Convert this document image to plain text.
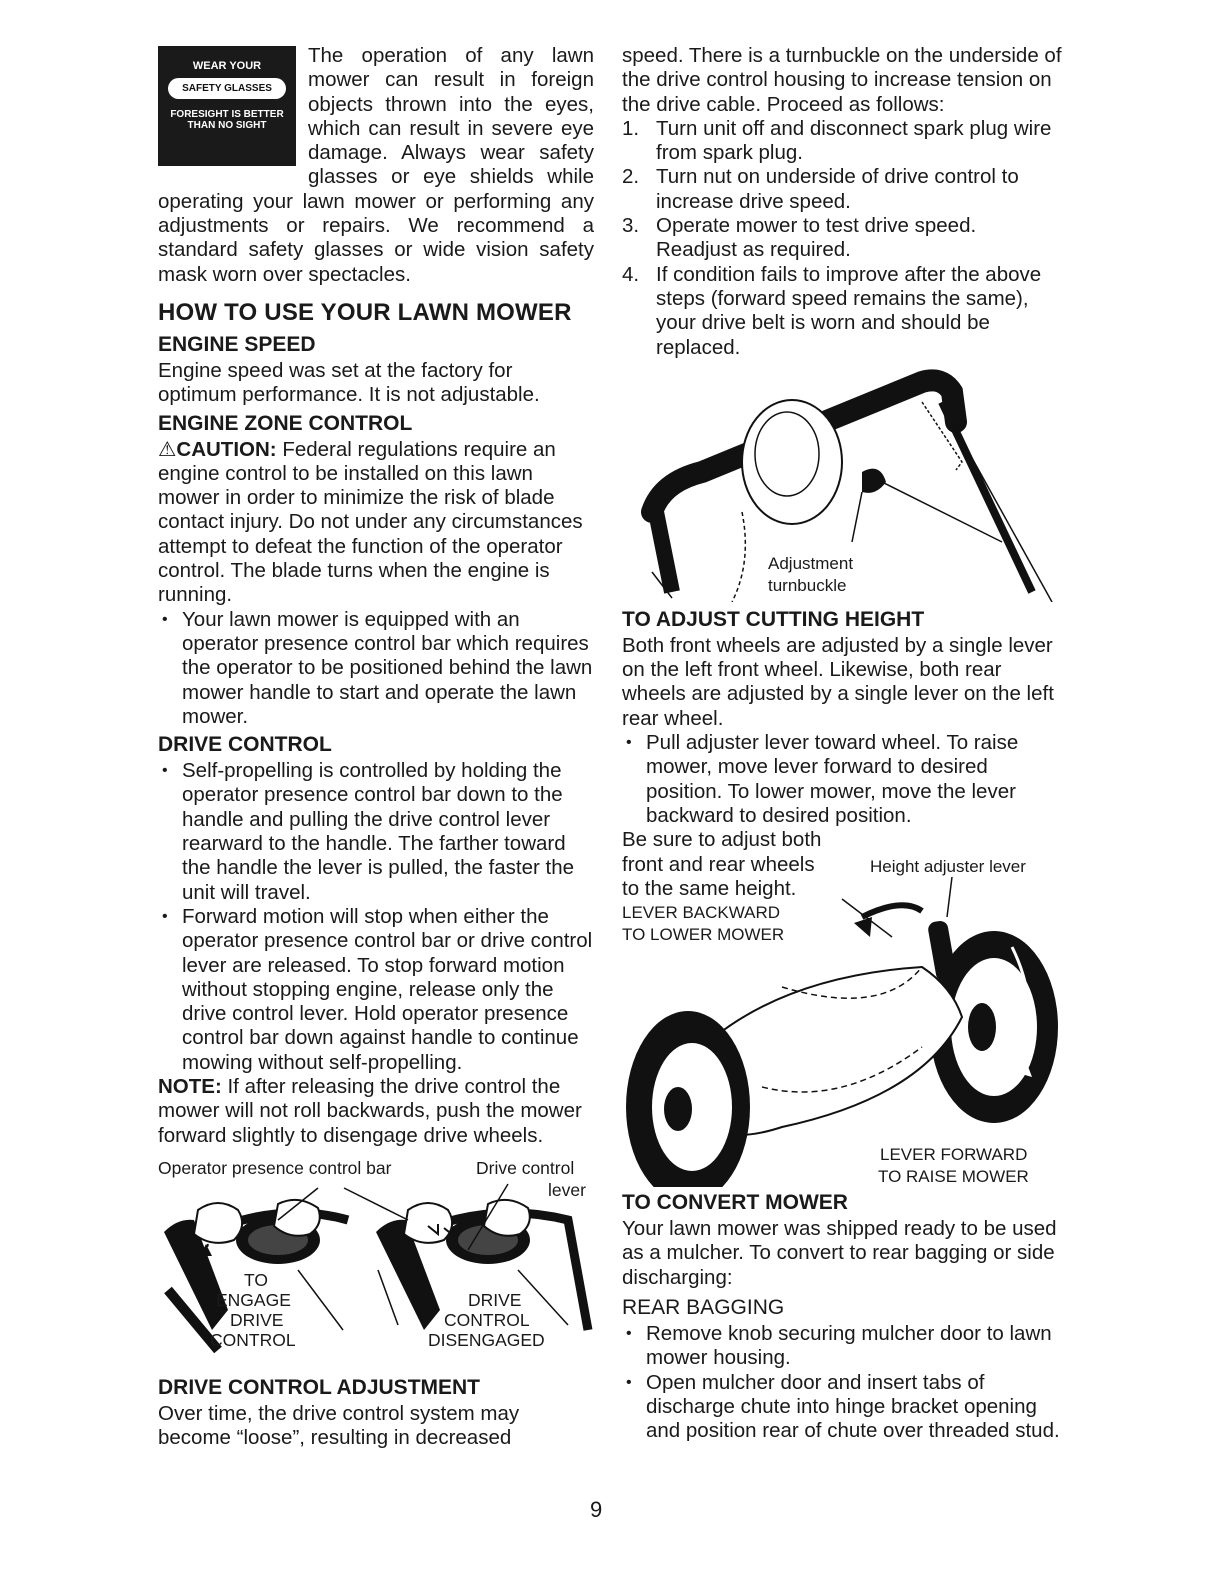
WEAR YOUR
SAFETY GLASSES
FORESIGHT IS BETTER THAN NO SIGHT

The operation of any lawn mower can result in foreign objects thrown into the eyes, which can result in severe eye damage. Always wear safety glasses or eye shields while operating your lawn mower or performing any adjustments or repairs. We recommend a standard safety glasses or wide vision safety mask worn over spectacles.

HOW TO USE YOUR LAWN MOWER
ENGINE SPEED

Engine speed was set at the factory for optimum performance. It is not adjustable.

ENGINE ZONE CONTROL

⚠CAUTION: Federal regulations require an engine control to be installed on this lawn mower in order to minimize the risk of blade contact injury. Do not under any circumstances attempt to defeat the function of the operator control. The blade turns when the engine is running.

• Your lawn mower is equipped with an operator presence control bar which requires the operator to be positioned behind the lawn mower handle to start and operate the lawn mower.
DRIVE CONTROL
• Self-propelling is controlled by holding the operator presence control bar down to the handle and pulling the drive control lever rearward to the handle. The farther toward the handle the lever is pulled, the faster the unit will travel.
• Forward motion will stop when either the operator presence control bar or drive control lever are released. To stop forward motion without stopping engine, release only the drive control lever. Hold operator presence control bar down against handle to continue mowing without self-propelling.

NOTE: If after releasing the drive control the mower will not roll backwards, push the mower forward slightly to disengage drive wheels.

Operator presence control bar	Drive control
lever
TO
ENGAGE
DRIVE
CONTROL
DRIVE
CONTROL
DISENGAGED
DRIVE CONTROL ADJUSTMENT

Over time, the drive control system may become “loose”, resulting in decreased

speed. There is a turnbuckle on the underside of the drive control housing to increase tension on the drive cable. Proceed as follows:

1. Turn unit off and disconnect spark plug wire from spark plug.
2. Turn nut on underside of drive control to increase drive speed.
3. Operate mower to test drive speed. Readjust as required.
4. If condition fails to improve after the above steps (forward speed remains the same), your drive belt is worn and should be replaced.
Adjustment
turnbuckle
TO ADJUST CUTTING HEIGHT

Both front wheels are adjusted by a single lever on the left front wheel. Likewise, both rear wheels are adjusted by a single lever on the left rear wheel.

• Pull adjuster lever toward wheel. To raise mower, move lever forward to desired position. To lower mower, move the lever backward to desired position.

Be sure to adjust both front and rear wheels to the same height.

Height adjuster lever
LEVER BACKWARD
TO LOWER MOWER
LEVER FORWARD
TO RAISE MOWER
TO CONVERT MOWER

Your lawn mower was shipped ready to be used as a mulcher. To convert to rear bagging or side discharging:

REAR BAGGING
• Remove knob securing mulcher door to lawn mower housing.
• Open mulcher door and insert tabs of discharge chute into hinge bracket opening and position rear of chute over threaded stud.
9
